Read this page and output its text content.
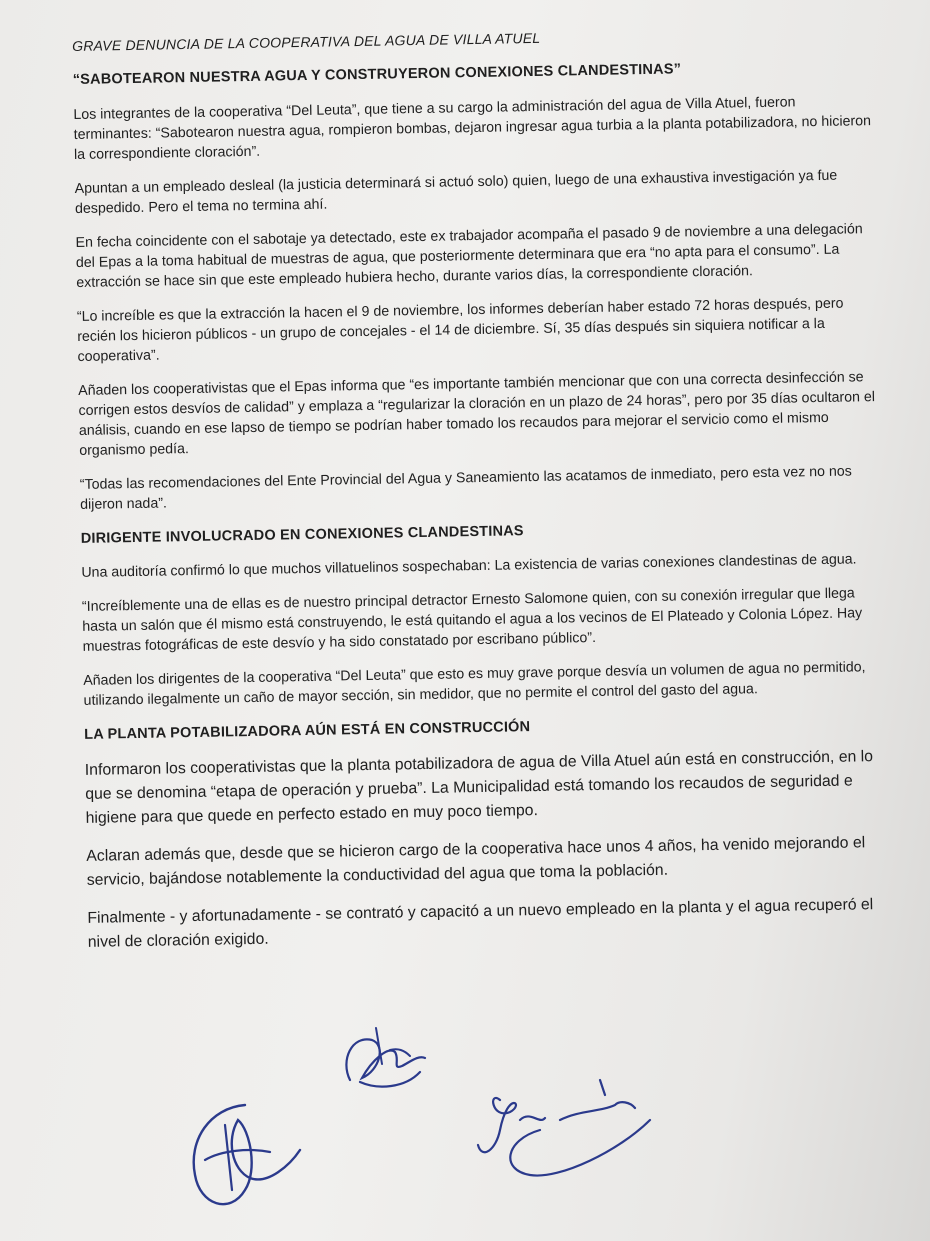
GRAVE DENUNCIA DE LA COOPERATIVA DEL AGUA DE VILLA ATUEL

“SABOTEARON NUESTRA AGUA Y CONSTRUYERON CONEXIONES CLANDESTINAS”

Los integrantes de la cooperativa “Del Leuta”, que tiene a su cargo la administración del agua de Villa Atuel, fueron terminantes: “Sabotearon nuestra agua, rompieron bombas, dejaron ingresar agua turbia a la planta potabilizadora, no hicieron la correspondiente cloración”.

Apuntan a un empleado desleal (la justicia determinará si actuó solo) quien, luego de una exhaustiva investigación ya fue despedido. Pero el tema no termina ahí.

En fecha coincidente con el sabotaje ya detectado, este ex trabajador acompaña el pasado 9 de noviembre a una delegación del Epas a la toma habitual de muestras de agua, que posteriormente determinara que era “no apta para el consumo”. La extracción se hace sin que este empleado hubiera hecho, durante varios días, la correspondiente cloración.

“Lo increíble es que la extracción la hacen el 9 de noviembre, los informes deberían haber estado 72 horas después, pero recién los hicieron públicos - un grupo de concejales - el 14 de diciembre. Sí, 35 días después sin siquiera notificar a la cooperativa”.

Añaden los cooperativistas que el Epas informa que “es importante también mencionar que con una correcta desinfección se corrigen estos desvíos de calidad” y emplaza a “regularizar la cloración en un plazo de 24 horas”, pero por 35 días ocultaron el análisis, cuando en ese lapso de tiempo se podrían haber tomado los recaudos para mejorar el servicio como el mismo organismo pedía.

“Todas las recomendaciones del Ente Provincial del Agua y Saneamiento las acatamos de inmediato, pero esta vez no nos dijeron nada”.

DIRIGENTE INVOLUCRADO EN CONEXIONES CLANDESTINAS

Una auditoría confirmó lo que muchos villatuelinos sospechaban: La existencia de varias conexiones clandestinas de agua.

“Increíblemente una de ellas es de nuestro principal detractor Ernesto Salomone quien, con su conexión irregular que llega hasta un salón que él mismo está construyendo, le está quitando el agua a los vecinos de El Plateado y Colonia López. Hay muestras fotográficas de este desvío y ha sido constatado por escribano público”.

Añaden los dirigentes de la cooperativa “Del Leuta” que esto es muy grave porque desvía un volumen de agua no permitido, utilizando ilegalmente un caño de mayor sección, sin medidor, que no permite el control del gasto del agua.

LA PLANTA POTABILIZADORA AÚN ESTÁ EN CONSTRUCCIÓN

Informaron los cooperativistas que la planta potabilizadora de agua de Villa Atuel aún está en construcción, en lo que se denomina “etapa de operación y prueba”. La Municipalidad está tomando los recaudos de seguridad e higiene para que quede en perfecto estado en muy poco tiempo.

Aclaran además que, desde que se hicieron cargo de la cooperativa hace unos 4 años, ha venido mejorando el servicio, bajándose notablemente la conductividad del agua que toma la población.

Finalmente - y afortunadamente - se contrató y capacitó a un nuevo empleado en la planta y el agua recuperó el nivel de cloración exigido.

Nilda Fernández
25903227
Alfonso Angel García
